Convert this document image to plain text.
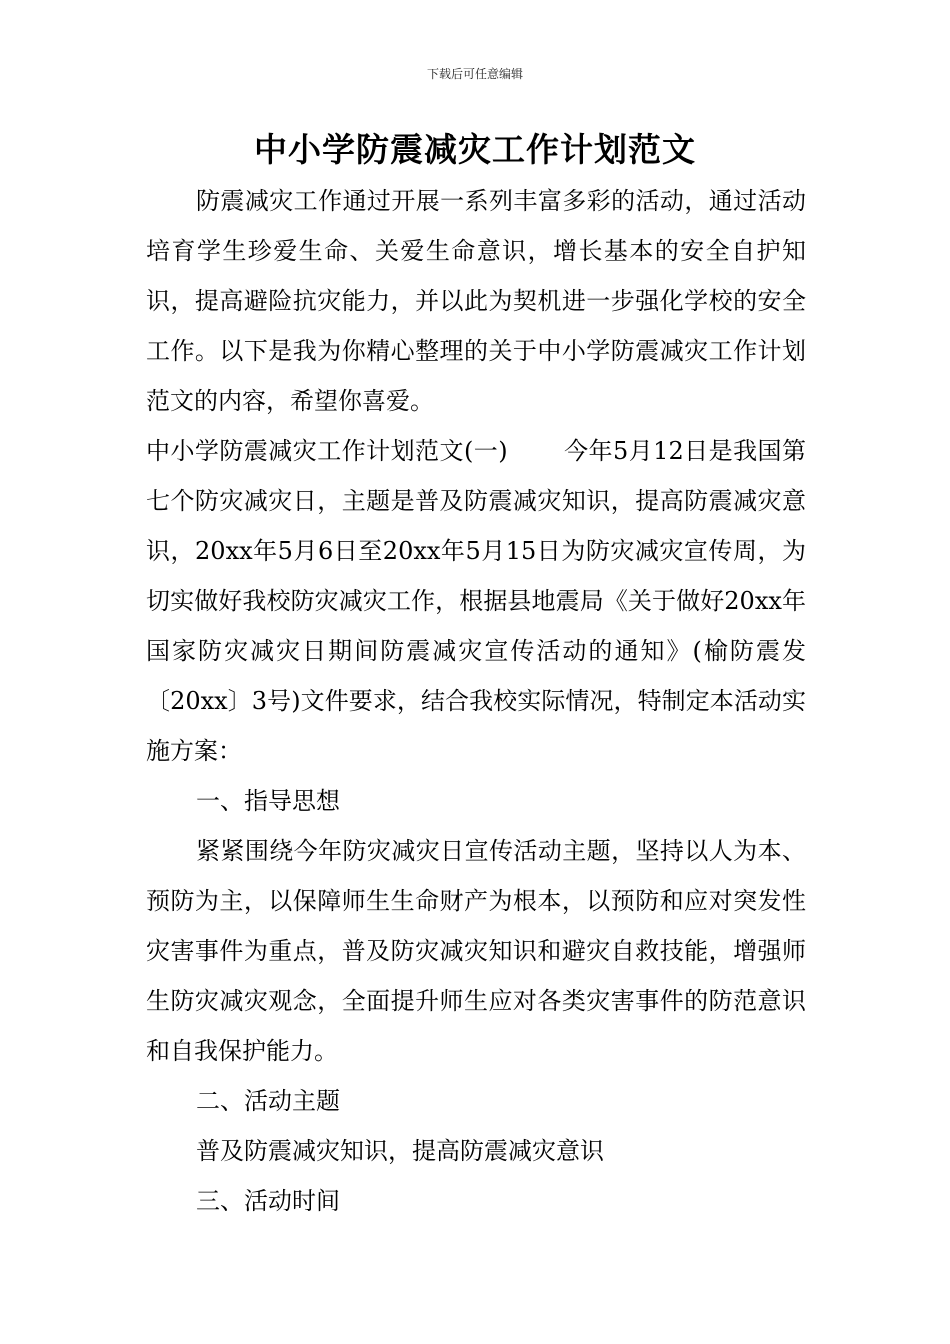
下载后可任意编辑
中小学防震减灾工作计划范文

防震减灾工作通过开展一系列丰富多彩的活动，通过活动培育学生珍爱生命、关爱生命意识，增长基本的安全自护知识，提高避险抗灾能力，并以此为契机进一步强化学校的安全工作。以下是我为你精心整理的关于中小学防震减灾工作计划范文的内容，希望你喜爱。

中小学防震减灾工作计划范文(一) 今年5月12日是我国第七个防灾减灾日，主题是普及防震减灾知识，提高防震减灾意识，20xx年5月6日至20xx年5月15日为防灾减灾宣传周，为切实做好我校防灾减灾工作，根据县地震局《关于做好20xx年国家防灾减灾日期间防震减灾宣传活动的通知》(榆防震发〔20xx〕3号)文件要求，结合我校实际情况，特制定本活动实施方案：

一、指导思想

紧紧围绕今年防灾减灾日宣传活动主题，坚持以人为本、预防为主，以保障师生生命财产为根本，以预防和应对突发性灾害事件为重点，普及防灾减灾知识和避灾自救技能，增强师生防灾减灾观念，全面提升师生应对各类灾害事件的防范意识和自我保护能力。

二、活动主题

普及防震减灾知识，提高防震减灾意识

三、活动时间
